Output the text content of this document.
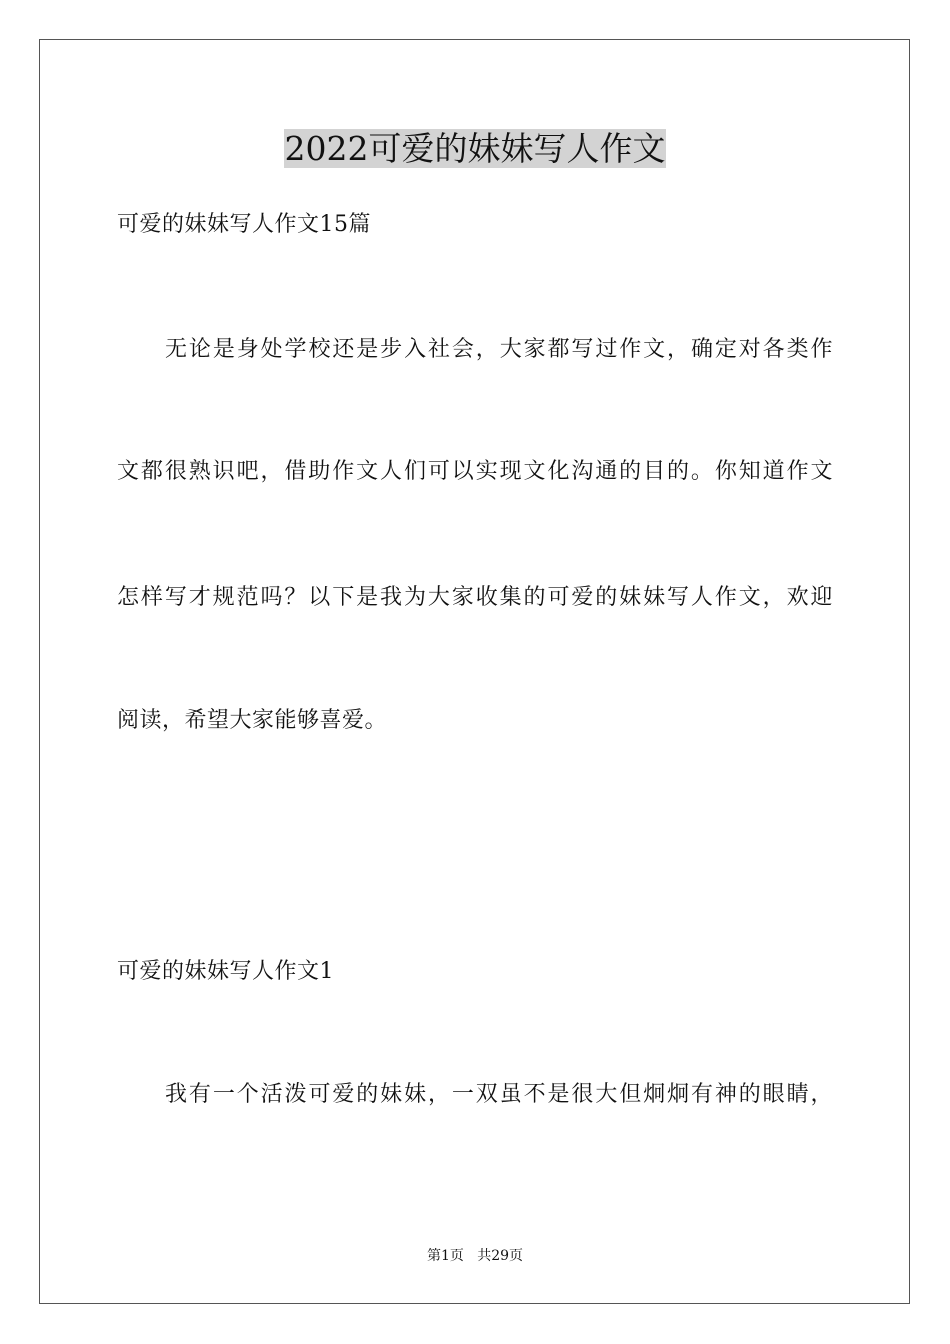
2022可爱的妹妹写人作文
可爱的妹妹写人作文15篇
无论是身处学校还是步入社会，大家都写过作文，确定对各类作
文都很熟识吧，借助作文人们可以实现文化沟通的目的。你知道作文
怎样写才规范吗？以下是我为大家收集的可爱的妹妹写人作文，欢迎
阅读，希望大家能够喜爱。
可爱的妹妹写人作文1
我有一个活泼可爱的妹妹，一双虽不是很大但炯炯有神的眼睛，
第1页   共29页
